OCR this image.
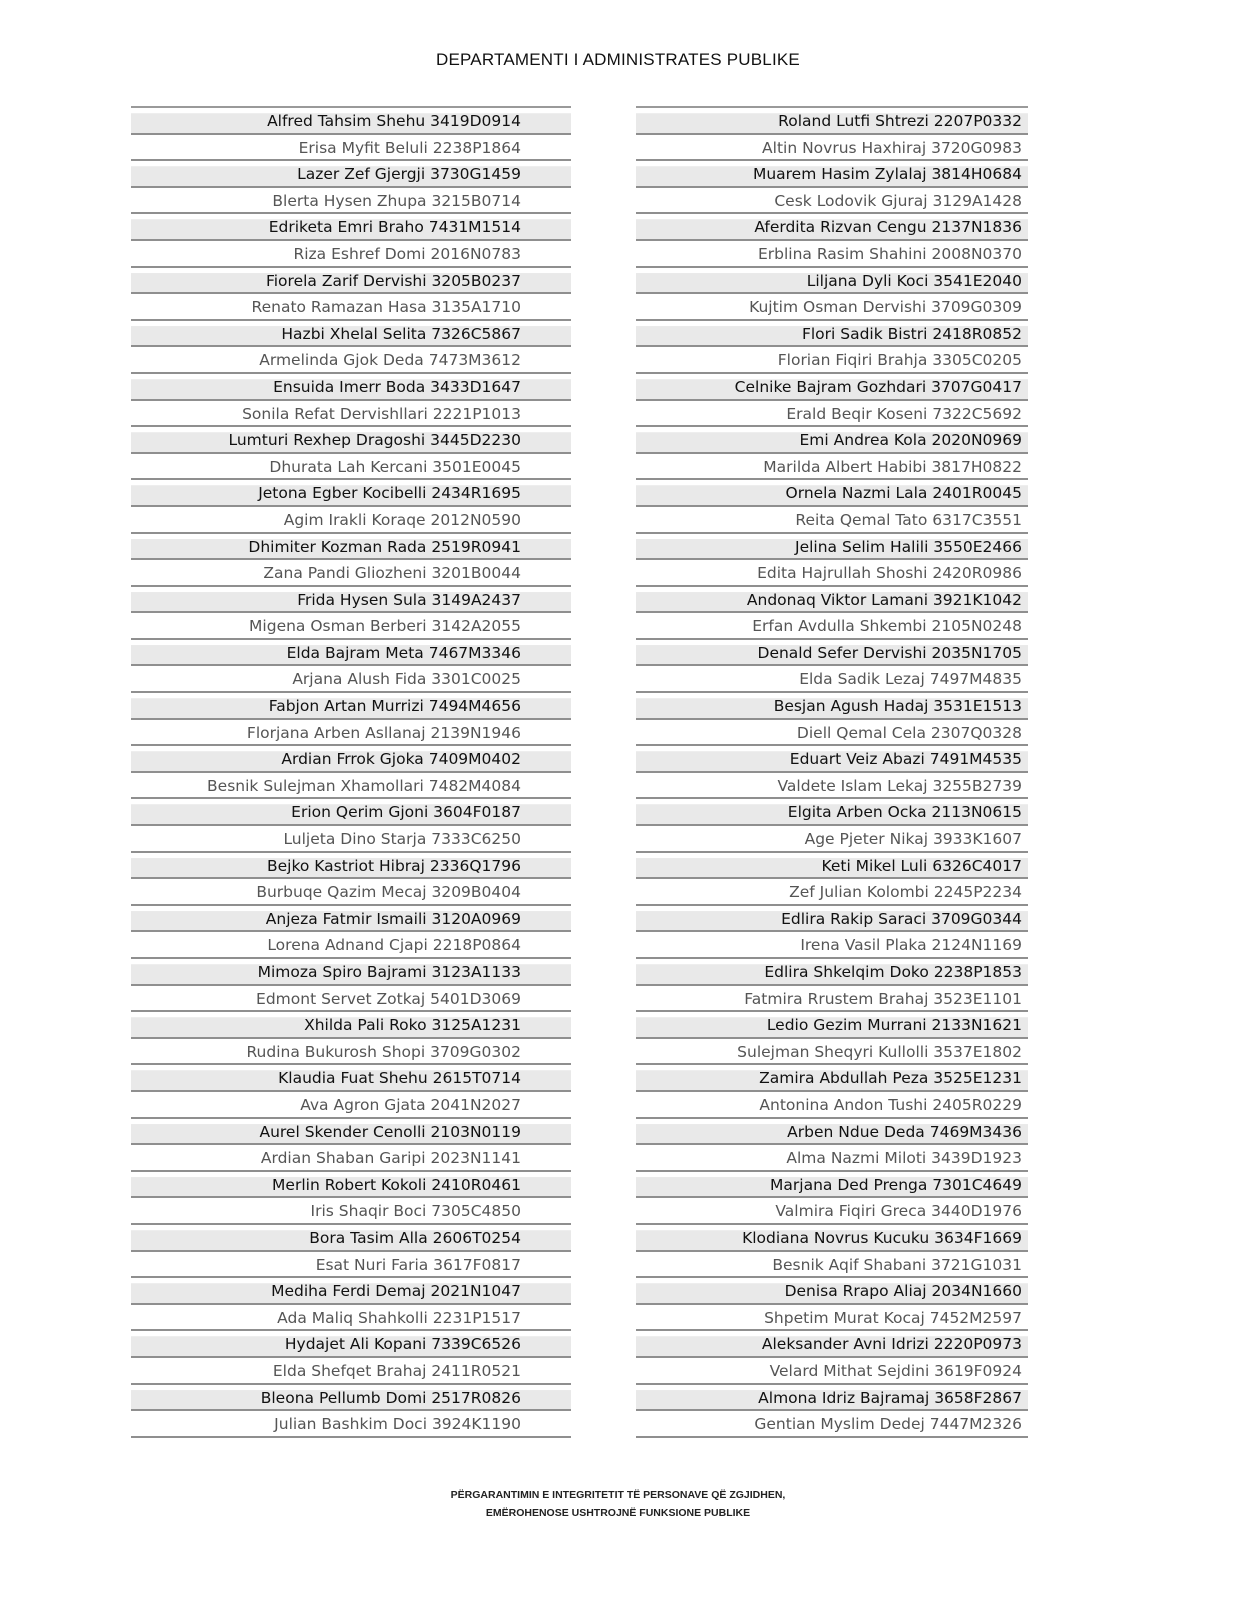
DEPARTAMENTI I ADMINISTRATES PUBLIKE
Alfred Tahsim Shehu 3419D0914
Erisa Myfit Beluli 2238P1864
Lazer Zef Gjergji 3730G1459
Blerta Hysen Zhupa 3215B0714
Edriketa Emri Braho 7431M1514
Riza Eshref Domi 2016N0783
Fiorela Zarif Dervishi 3205B0237
Renato Ramazan Hasa 3135A1710
Hazbi Xhelal Selita 7326C5867
Armelinda Gjok Deda 7473M3612
Ensuida Imerr Boda 3433D1647
Sonila Refat Dervishllari 2221P1013
Lumturi Rexhep Dragoshi 3445D2230
Dhurata Lah Kercani 3501E0045
Jetona Egber Kocibelli 2434R1695
Agim Irakli Koraqe 2012N0590
Dhimiter Kozman Rada 2519R0941
Zana Pandi Gliozheni 3201B0044
Frida Hysen Sula 3149A2437
Migena Osman Berberi 3142A2055
Elda Bajram Meta 7467M3346
Arjana Alush Fida 3301C0025
Fabjon Artan Murrizi 7494M4656
Florjana Arben Asllanaj 2139N1946
Ardian Frrok Gjoka 7409M0402
Besnik Sulejman Xhamollari 7482M4084
Erion Qerim Gjoni 3604F0187
Luljeta Dino Starja 7333C6250
Bejko Kastriot Hibraj 2336Q1796
Burbuqe Qazim Mecaj 3209B0404
Anjeza Fatmir Ismaili 3120A0969
Lorena Adnand Cjapi 2218P0864
Mimoza Spiro Bajrami 3123A1133
Edmont Servet Zotkaj 5401D3069
Xhilda Pali Roko 3125A1231
Rudina Bukurosh Shopi 3709G0302
Klaudia Fuat Shehu 2615T0714
Ava Agron Gjata 2041N2027
Aurel Skender Cenolli 2103N0119
Ardian Shaban Garipi 2023N1141
Merlin Robert Kokoli 2410R0461
Iris Shaqir Boci 7305C4850
Bora Tasim Alla 2606T0254
Esat Nuri Faria 3617F0817
Mediha Ferdi Demaj 2021N1047
Ada Maliq Shahkolli 2231P1517
Hydajet Ali Kopani 7339C6526
Elda Shefqet Brahaj 2411R0521
Bleona Pellumb Domi 2517R0826
Julian Bashkim Doci 3924K1190
Roland Lutfi Shtrezi 2207P0332
Altin Novrus Haxhiraj 3720G0983
Muarem Hasim Zylalaj 3814H0684
Cesk Lodovik Gjuraj 3129A1428
Aferdita Rizvan Cengu 2137N1836
Erblina Rasim Shahini 2008N0370
Liljana Dyli Koci 3541E2040
Kujtim Osman Dervishi 3709G0309
Flori Sadik Bistri 2418R0852
Florian Fiqiri Brahja 3305C0205
Celnike Bajram Gozhdari 3707G0417
Erald Beqir Koseni 7322C5692
Emi Andrea Kola 2020N0969
Marilda Albert Habibi 3817H0822
Ornela Nazmi Lala 2401R0045
Reita Qemal Tato 6317C3551
Jelina Selim Halili 3550E2466
Edita Hajrullah Shoshi 2420R0986
Andonaq Viktor Lamani 3921K1042
Erfan Avdulla Shkembi 2105N0248
Denald Sefer Dervishi 2035N1705
Elda Sadik Lezaj 7497M4835
Besjan Agush Hadaj 3531E1513
Diell Qemal Cela 2307Q0328
Eduart Veiz Abazi 7491M4535
Valdete Islam Lekaj 3255B2739
Elgita Arben Ocka 2113N0615
Age Pjeter Nikaj 3933K1607
Keti Mikel Luli 6326C4017
Zef Julian Kolombi 2245P2234
Edlira Rakip Saraci 3709G0344
Irena Vasil Plaka 2124N1169
Edlira Shkelqim Doko 2238P1853
Fatmira Rrustem Brahaj 3523E1101
Ledio Gezim Murrani 2133N1621
Sulejman Sheqyri Kullolli 3537E1802
Zamira Abdullah Peza 3525E1231
Antonina Andon Tushi 2405R0229
Arben Ndue Deda 7469M3436
Alma Nazmi Miloti 3439D1923
Marjana Ded Prenga 7301C4649
Valmira Fiqiri Greca 3440D1976
Klodiana Novrus Kucuku 3634F1669
Besnik Aqif Shabani 3721G1031
Denisa Rrapo Aliaj 2034N1660
Shpetim Murat Kocaj 7452M2597
Aleksander Avni Idrizi 2220P0973
Velard Mithat Sejdini 3619F0924
Almona Idriz Bajramaj 3658F2867
Gentian Myslim Dedej 7447M2326
PËRGARANTIMIN E INTEGRITETIT TË PERSONAVE QË ZGJIDHEN,
EMËROHENOSE USHTROJNË FUNKSIONE PUBLIKE
